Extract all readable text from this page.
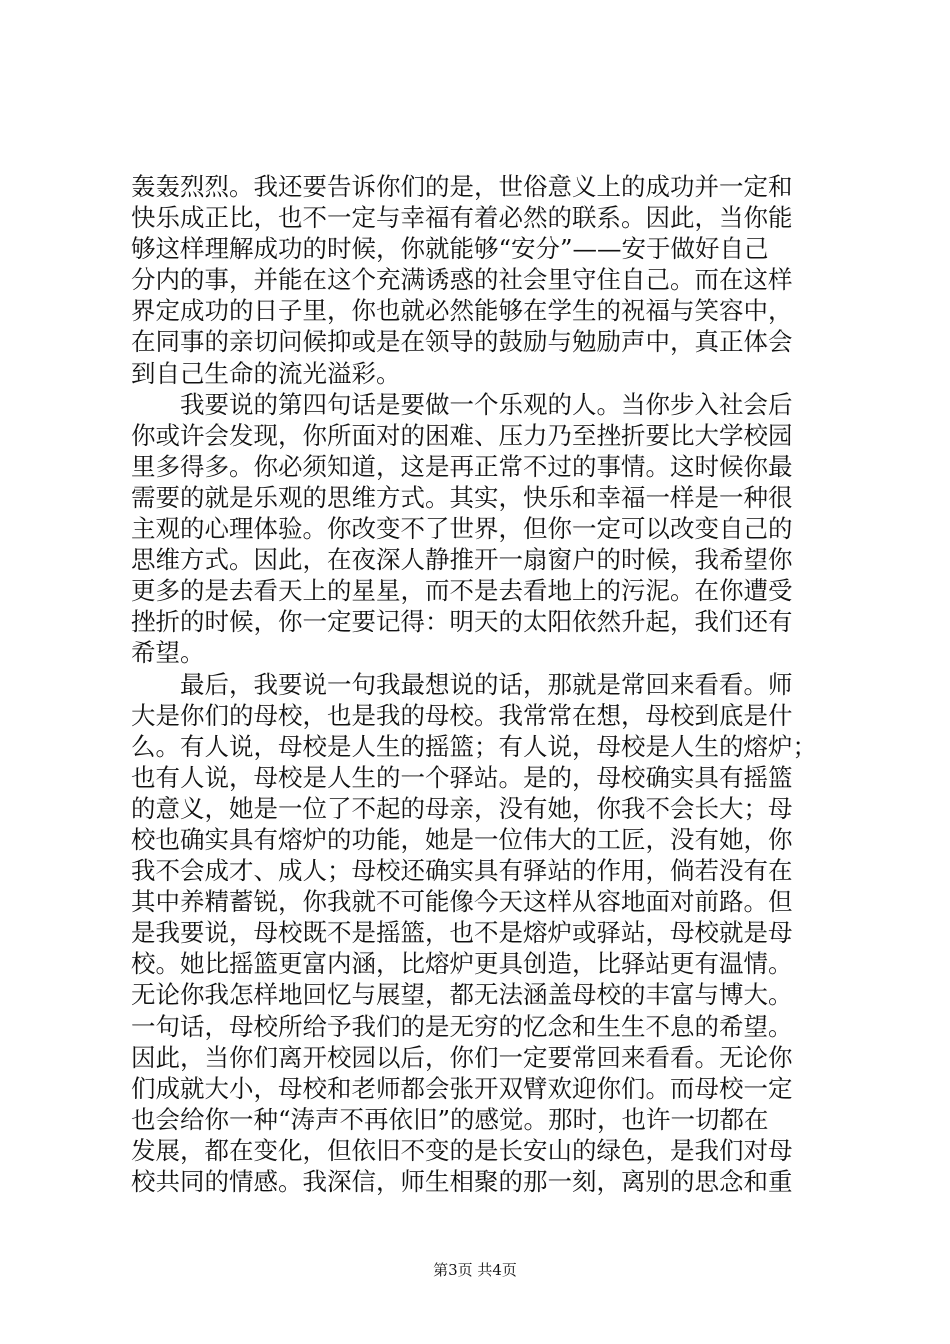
轰轰烈烈。我还要告诉你们的是，世俗意义上的成功并一定和
快乐成正比，也不一定与幸福有着必然的联系。因此，当你能
够这样理解成功的时候，你就能够“安分”——安于做好自己
分内的事，并能在这个充满诱惑的社会里守住自己。而在这样
界定成功的日子里，你也就必然能够在学生的祝福与笑容中，
在同事的亲切问候抑或是在领导的鼓励与勉励声中，真正体会
到自己生命的流光溢彩。
我要说的第四句话是要做一个乐观的人。当你步入社会后
你或许会发现，你所面对的困难、压力乃至挫折要比大学校园
里多得多。你必须知道，这是再正常不过的事情。这时候你最
需要的就是乐观的思维方式。其实，快乐和幸福一样是一种很
主观的心理体验。你改变不了世界，但你一定可以改变自己的
思维方式。因此，在夜深人静推开一扇窗户的时候，我希望你
更多的是去看天上的星星，而不是去看地上的污泥。在你遭受
挫折的时候，你一定要记得：明天的太阳依然升起，我们还有
希望。
最后，我要说一句我最想说的话，那就是常回来看看。师
大是你们的母校，也是我的母校。我常常在想，母校到底是什
么。有人说，母校是人生的摇篮；有人说，母校是人生的熔炉；
也有人说，母校是人生的一个驿站。是的，母校确实具有摇篮
的意义，她是一位了不起的母亲，没有她，你我不会长大；母
校也确实具有熔炉的功能，她是一位伟大的工匠，没有她，你
我不会成才、成人；母校还确实具有驿站的作用，倘若没有在
其中养精蓄锐，你我就不可能像今天这样从容地面对前路。但
是我要说，母校既不是摇篮，也不是熔炉或驿站，母校就是母
校。她比摇篮更富内涵，比熔炉更具创造，比驿站更有温情。
无论你我怎样地回忆与展望，都无法涵盖母校的丰富与博大。
一句话，母校所给予我们的是无穷的忆念和生生不息的希望。
因此，当你们离开校园以后，你们一定要常回来看看。无论你
们成就大小，母校和老师都会张开双臂欢迎你们。而母校一定
也会给你一种“涛声不再依旧”的感觉。那时，也许一切都在
发展，都在变化，但依旧不变的是长安山的绿色，是我们对母
校共同的情感。我深信，师生相聚的那一刻，离别的思念和重
第3页 共4页
